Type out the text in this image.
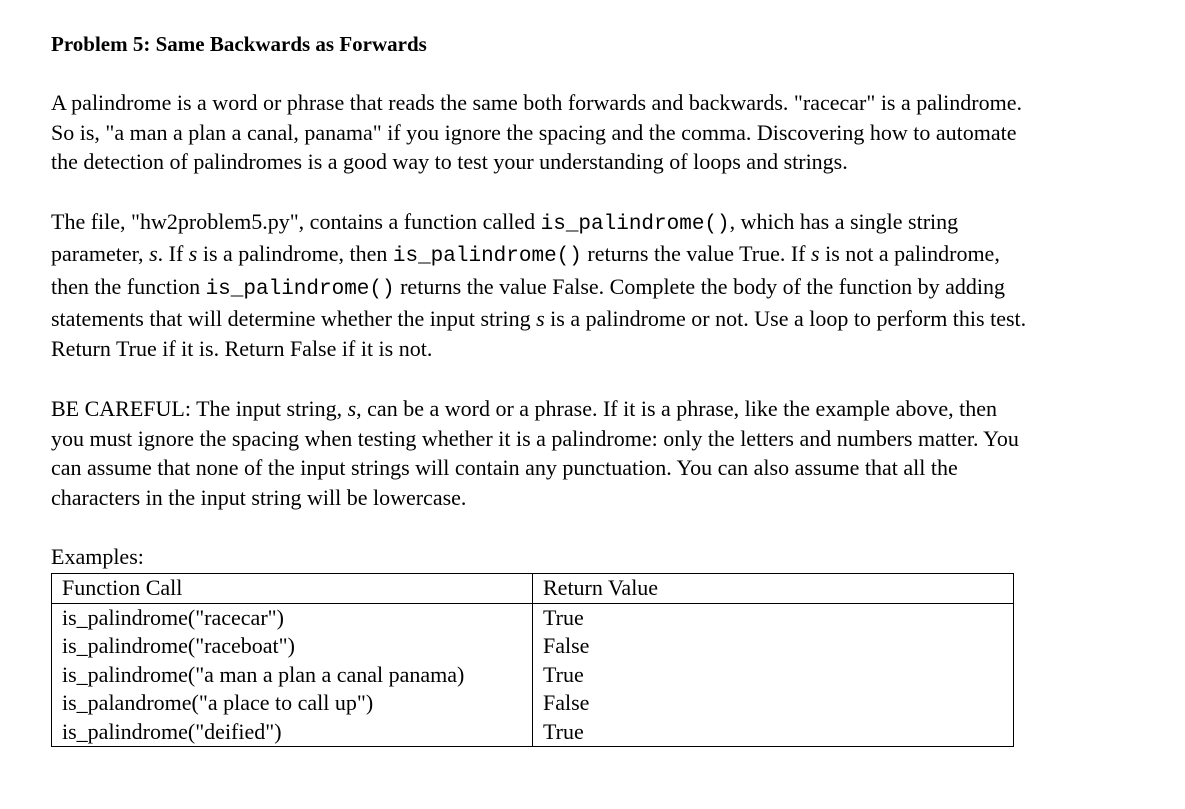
Problem 5: Same Backwards as Forwards

A palindrome is a word or phrase that reads the same both forwards and backwards. "racecar" is a palindrome.

So is, "a man a plan a canal, panama" if you ignore the spacing and the comma. Discovering how to automate

the detection of palindromes is a good way to test your understanding of loops and strings.

The file, "hw2problem5.py", contains a function called is_palindrome(), which has a single string

parameter, s. If s is a palindrome, then is_palindrome() returns the value True. If s is not a palindrome,

then the function is_palindrome() returns the value False. Complete the body of the function by adding

statements that will determine whether the input string s is a palindrome or not. Use a loop to perform this test.

Return True if it is. Return False if it is not.

BE CAREFUL: The input string, s, can be a word or a phrase. If it is a phrase, like the example above, then

you must ignore the spacing when testing whether it is a palindrome: only the letters and numbers matter. You

can assume that none of the input strings will contain any punctuation. You can also assume that all the

characters in the input string will be lowercase.

Examples:

Function Call	Return Value
is_palindrome("racecar")	True
is_palindrome("raceboat")	False
is_palindrome("a man a plan a canal panama)	True
is_palandrome("a place to call up")	False
is_palindrome("deified")	True
